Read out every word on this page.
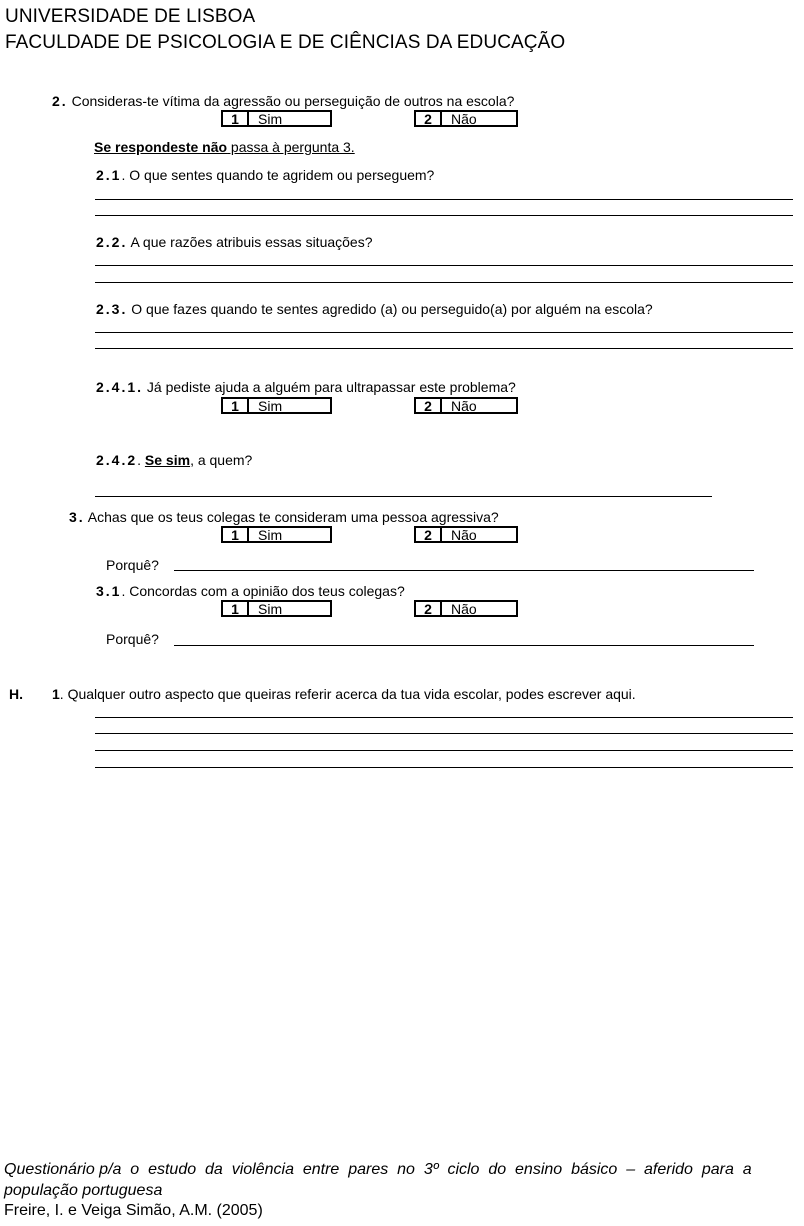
UNIVERSIDADE DE LISBOA
FACULDADE DE PSICOLOGIA E DE CIÊNCIAS DA EDUCAÇÃO
2. Consideras-te vítima da agressão ou perseguição de outros na escola?
1	Sim	2	Não
Se respondeste não passa à pergunta 3.
2.1. O que sentes quando te agridem ou perseguem?
2.2. A que razões atribuis essas situações?
2.3. O que fazes quando te sentes agredido (a) ou perseguido(a) por alguém na escola?
2.4.1. Já pediste ajuda a alguém para ultrapassar este problema?
1	Sim	2	Não
2.4.2. Se sim, a quem?
3. Achas que os teus colegas te consideram uma pessoa agressiva?
1	Sim	2	Não
Porquê?
3.1. Concordas com a opinião dos teus colegas?
1	Sim	2	Não
Porquê?
H. 1. Qualquer outro aspecto que queiras referir acerca da tua vida escolar, podes escrever aqui.
Questionário p/a  o  estudo  da  violência  entre  pares  no  3º  ciclo  do  ensino  básico  –  aferido  para  a
população portuguesa
Freire, I. e Veiga Simão, A.M. (2005)
